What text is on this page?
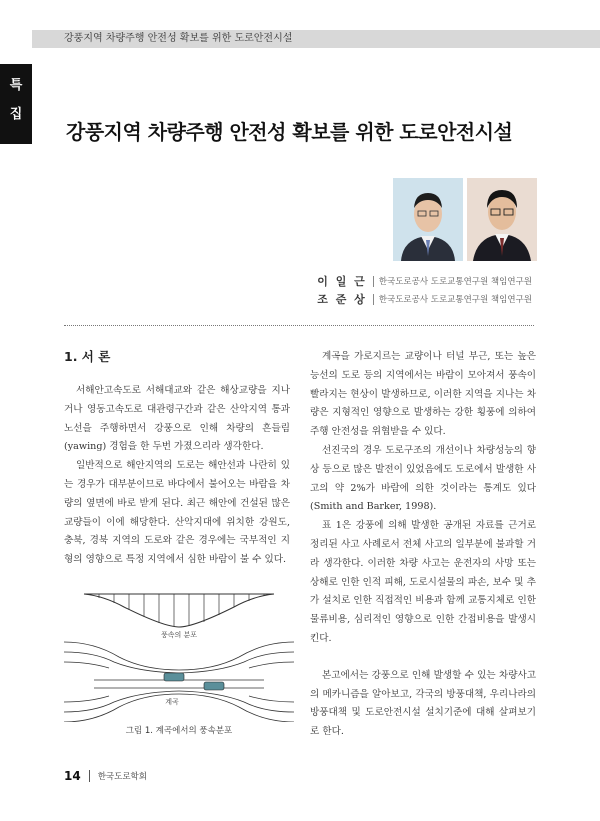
강풍지역 차량주행 안전성 확보를 위한 도로안전시설
특
집
강풍지역 차량주행 안전성 확보를 위한 도로안전시설
이 일 근 한국도로공사 도로교통연구원 책임연구원
조 준 상 한국도로공사 도로교통연구원 책임연구원
1. 서 론

서해안고속도로 서해대교와 같은 해상교량을 지나거나 영동고속도로 대관령구간과 같은 산악지역 통과 노선을 주행하면서 강풍으로 인해 차량의 흔들림(yawing) 경험을 한 두번 가졌으리라 생각한다.

일반적으로 해안지역의 도로는 해안선과 나란히 있는 경우가 대부분이므로 바다에서 불어오는 바람을 차량의 옆면에 바로 받게 된다. 최근 해안에 건설된 많은 교량들이 이에 해당한다. 산악지대에 위치한 강원도, 충북, 경북 지역의 도로와 같은 경우에는 국부적인 지형의 영향으로 특정 지역에서 심한 바람이 불 수 있다.

계곡을 가로지르는 교량이나 터널 부근, 또는 높은 능선의 도로 등의 지역에서는 바람이 모아져서 풍속이 빨라지는 현상이 발생하므로, 이러한 지역을 지나는 차량은 지형적인 영향으로 발생하는 강한 횡풍에 의하여 주행 안전성을 위협받을 수 있다.

선진국의 경우 도로구조의 개선이나 차량성능의 향상 등으로 많은 발전이 있었음에도 도로에서 발생한 사고의 약 2%가 바람에 의한 것이라는 통계도 있다(Smith and Barker, 1998).

표 1은 강풍에 의해 발생한 공개된 자료를 근거로 정리된 사고 사례로서 전체 사고의 일부분에 불과할 거라 생각한다. 이러한 차량 사고는 운전자의 사망 또는 상해로 인한 인적 피해, 도로시설물의 파손, 보수 및 추가 설치로 인한 직접적인 비용과 함께 교통지체로 인한 물류비용, 심리적인 영향으로 인한 간접비용을 발생시킨다.

본고에서는 강풍으로 인해 발생할 수 있는 차량사고의 메카니즘을 알아보고, 각국의 방풍대책, 우리나라의 방풍대책 및 도로안전시설 설치기준에 대해 살펴보기로 한다.

풍속의 분포
계곡
그림 1. 계곡에서의 풍속분포
14 한국도로학회
